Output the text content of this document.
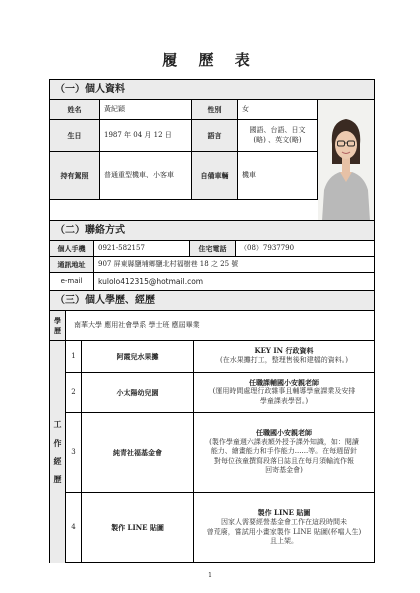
履 歷 表
（一）個人資料
姓名	黃紀穎	性別	女
生日	1987 年 04 月 12 日	語言
國語、台語、日文
(略) 、英文(略)
持有駕照	普通重型機車、小客車	自備車輛	機車
（二）聯絡方式
個人手機	0921-582157	住宅電話	（08）7937790
通訊地址	907 屏東縣鹽埔鄉鹽北村福樹巷 18 之 25 號
e-mail	kulolo412315@hotmail.com
（三）個人學歷、經歷
學
歷
南華大學 應用社會學系 學士班 應屆畢業
工
作
經
歷
1	阿霞兒水果攤
KEY IN 行政資料
(在水果攤打工，整理售後和建檔的資料。)
2	小太陽幼兒園
任職課輔國小安親老師
(運用時間處理行政雜事且輔導學童課業及安排
學童課表學習。)
3	純青社福基金會
任職國小安親老師
(製作學童週六課表額外授予課外知識，如：閱讀
能力、繪畫能力和手作能力......等。在每週留針
對每位孩童撰寫段落日誌且在每月須輸流作報
回寄基金會)
4	製作 LINE 貼圖
製作 LINE 貼圖
因家人需要經營基金會工作在這段時間未
曾荒廢，嘗試用小畫家製作 LINE 貼圖(杯噹人生)
且上架。
1
